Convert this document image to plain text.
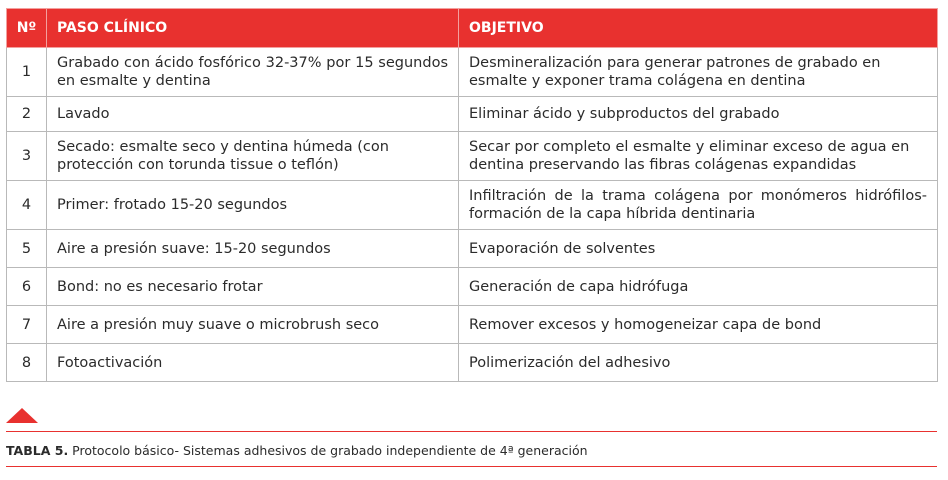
Nº	PASO CLÍNICO	OBJETIVO
1	Grabado con ácido fosfórico 32-37% por 15 segundos en esmalte y dentina	Desmineralización para generar patrones de grabado en esmalte y exponer trama colágena en dentina
2	Lavado	Eliminar ácido y subproductos del grabado
3	Secado: esmalte seco y dentina húmeda (con protección con torunda tissue o teflón)	Secar por completo el esmalte y eliminar exceso de agua en dentina preservando las fibras colágenas expandidas
4	Primer: frotado 15-20 segundos	Infiltración de la trama colágena por monómeros hidrófilos- formación de la capa híbrida dentinaria
5	Aire a presión suave: 15-20 segundos	Evaporación de solventes
6	Bond: no es necesario frotar	Generación de capa hidrófuga
7	Aire a presión muy suave o microbrush seco	Remover excesos y homogeneizar capa de bond
8	Fotoactivación	Polimerización del adhesivo
TABLA 5. Protocolo básico- Sistemas adhesivos de grabado independiente de 4ª generación
